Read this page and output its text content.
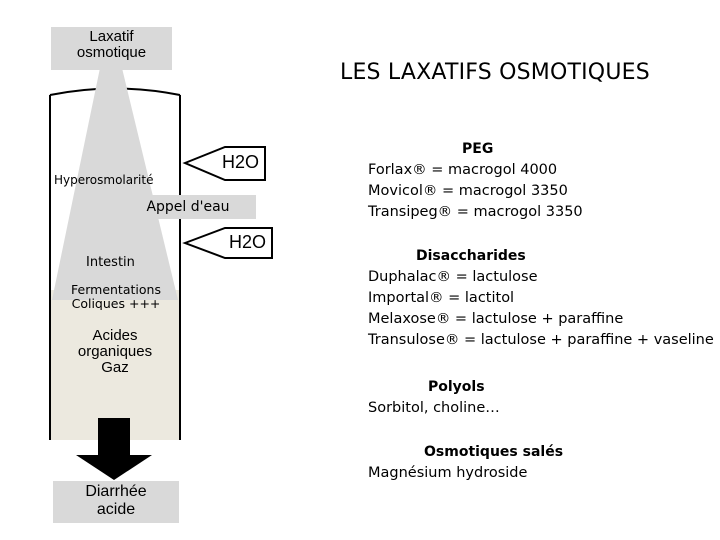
Laxatif
osmotique
Hyperosmolarité
H2O
Appel d'eau
H2O
Intestin
Fermentations
Coliques +++
Acides
organiques
Gaz
Diarrhée
acide
LES LAXATIFS OSMOTIQUES
PEG
Forlax® = macrogol 4000
Movicol® = macrogol 3350
Transipeg® = macrogol 3350
Disaccharides
Duphalac® = lactulose
Importal® = lactitol
Melaxose® = lactulose + paraffine
Transulose® = lactulose + paraffine + vaseline
Polyols
Sorbitol, choline…
Osmotiques salés
Magnésium hydroside
